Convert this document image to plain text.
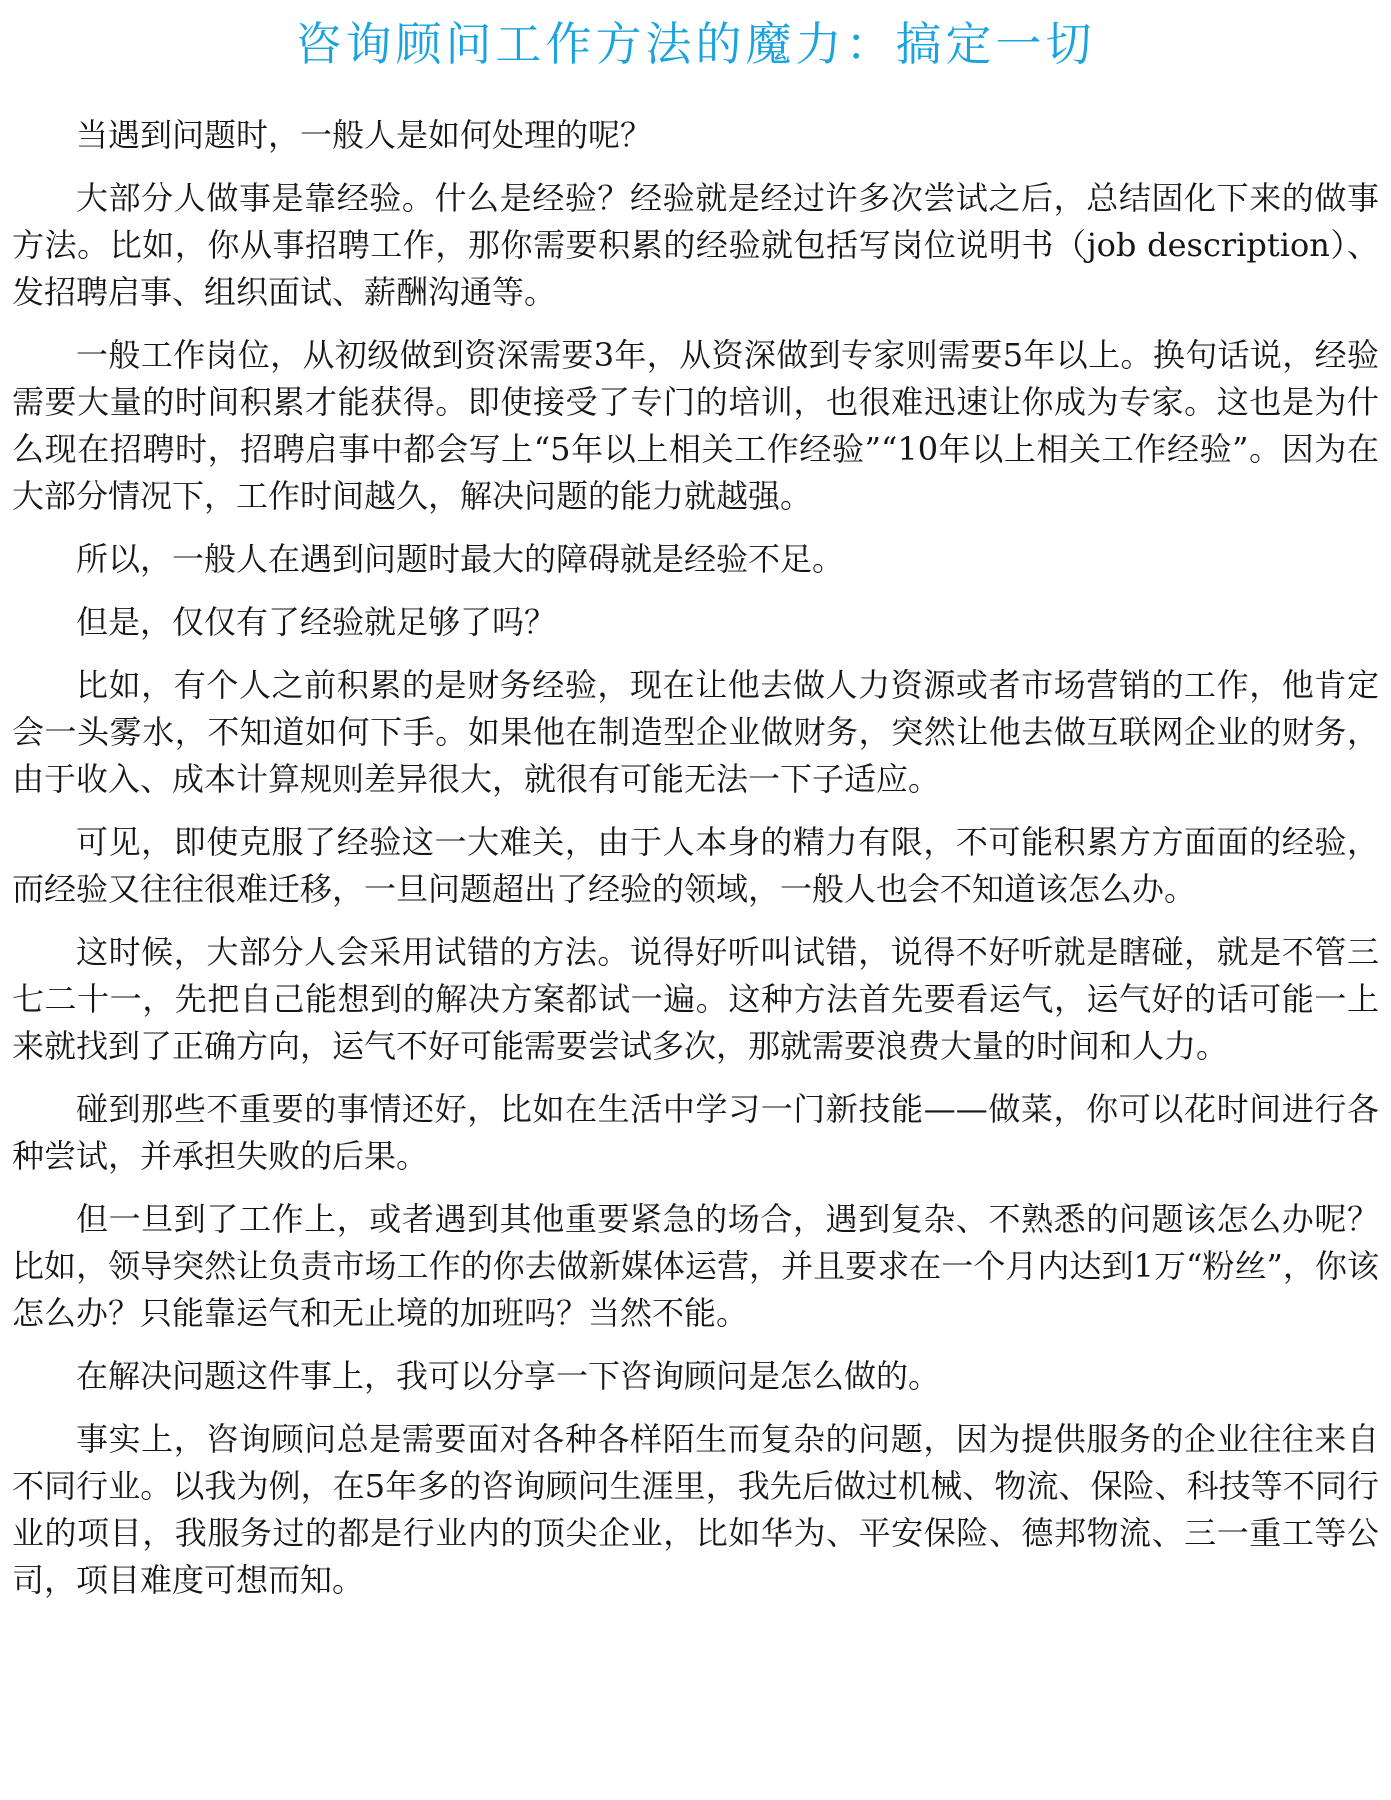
咨询顾问工作方法的魔力：搞定一切

当遇到问题时，一般人是如何处理的呢？

大部分人做事是靠经验。什么是经验？经验就是经过许多次尝试之后，总结固化下来的做事方法。比如，你从事招聘工作，那你需要积累的经验就包括写岗位说明书（job description）、发招聘启事、组织面试、薪酬沟通等。

一般工作岗位，从初级做到资深需要3年，从资深做到专家则需要5年以上。换句话说，经验需要大量的时间积累才能获得。即使接受了专门的培训，也很难迅速让你成为专家。这也是为什么现在招聘时，招聘启事中都会写上“5年以上相关工作经验”“10年以上相关工作经验”。因为在大部分情况下，工作时间越久，解决问题的能力就越强。

所以，一般人在遇到问题时最大的障碍就是经验不足。

但是，仅仅有了经验就足够了吗？

比如，有个人之前积累的是财务经验，现在让他去做人力资源或者市场营销的工作，他肯定会一头雾水，不知道如何下手。如果他在制造型企业做财务，突然让他去做互联网企业的财务，由于收入、成本计算规则差异很大，就很有可能无法一下子适应。

可见，即使克服了经验这一大难关，由于人本身的精力有限，不可能积累方方面面的经验，而经验又往往很难迁移，一旦问题超出了经验的领域，一般人也会不知道该怎么办。

这时候，大部分人会采用试错的方法。说得好听叫试错，说得不好听就是瞎碰，就是不管三七二十一，先把自己能想到的解决方案都试一遍。这种方法首先要看运气，运气好的话可能一上来就找到了正确方向，运气不好可能需要尝试多次，那就需要浪费大量的时间和人力。

碰到那些不重要的事情还好，比如在生活中学习一门新技能——做菜，你可以花时间进行各种尝试，并承担失败的后果。

但一旦到了工作上，或者遇到其他重要紧急的场合，遇到复杂、不熟悉的问题该怎么办呢？比如，领导突然让负责市场工作的你去做新媒体运营，并且要求在一个月内达到1万“粉丝”，你该怎么办？只能靠运气和无止境的加班吗？当然不能。

在解决问题这件事上，我可以分享一下咨询顾问是怎么做的。

事实上，咨询顾问总是需要面对各种各样陌生而复杂的问题，因为提供服务的企业往往来自不同行业。以我为例，在5年多的咨询顾问生涯里，我先后做过机械、物流、保险、科技等不同行业的项目，我服务过的都是行业内的顶尖企业，比如华为、平安保险、德邦物流、三一重工等公司，项目难度可想而知。
